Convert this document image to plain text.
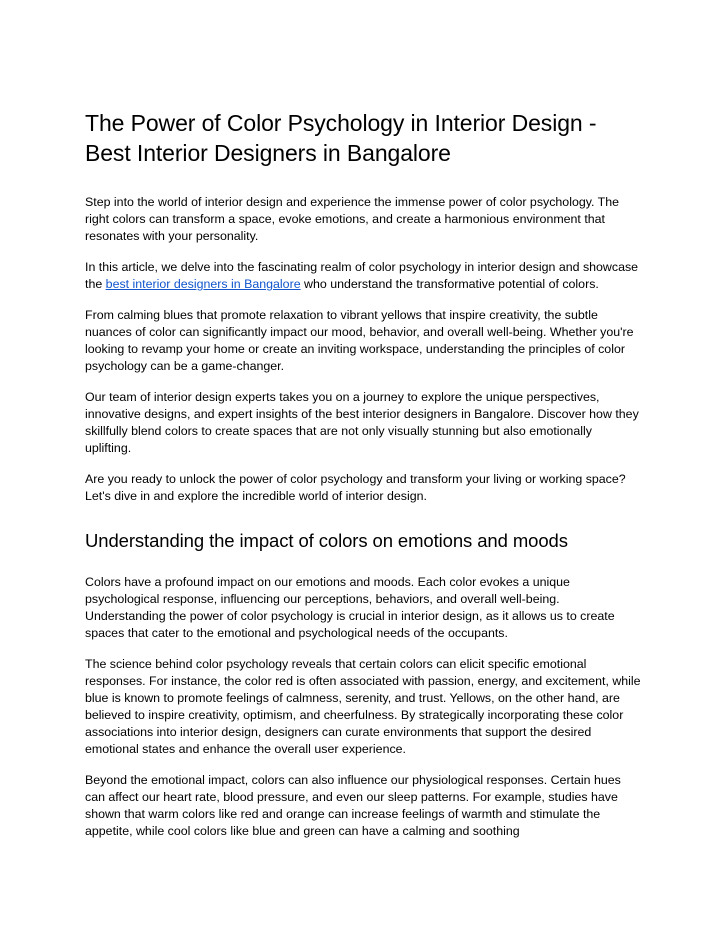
The Power of Color Psychology in Interior Design - Best Interior Designers in Bangalore

Step into the world of interior design and experience the immense power of color psychology. The right colors can transform a space, evoke emotions, and create a harmonious environment that resonates with your personality.

In this article, we delve into the fascinating realm of color psychology in interior design and showcase the best interior designers in Bangalore who understand the transformative potential of colors.

From calming blues that promote relaxation to vibrant yellows that inspire creativity, the subtle nuances of color can significantly impact our mood, behavior, and overall well-being. Whether you're looking to revamp your home or create an inviting workspace, understanding the principles of color psychology can be a game-changer.

Our team of interior design experts takes you on a journey to explore the unique perspectives, innovative designs, and expert insights of the best interior designers in Bangalore. Discover how they skillfully blend colors to create spaces that are not only visually stunning but also emotionally uplifting.

Are you ready to unlock the power of color psychology and transform your living or working space? Let's dive in and explore the incredible world of interior design.

Understanding the impact of colors on emotions and moods

Colors have a profound impact on our emotions and moods. Each color evokes a unique psychological response, influencing our perceptions, behaviors, and overall well-being. Understanding the power of color psychology is crucial in interior design, as it allows us to create spaces that cater to the emotional and psychological needs of the occupants.

The science behind color psychology reveals that certain colors can elicit specific emotional responses. For instance, the color red is often associated with passion, energy, and excitement, while blue is known to promote feelings of calmness, serenity, and trust. Yellows, on the other hand, are believed to inspire creativity, optimism, and cheerfulness. By strategically incorporating these color associations into interior design, designers can curate environments that support the desired emotional states and enhance the overall user experience.

Beyond the emotional impact, colors can also influence our physiological responses. Certain hues can affect our heart rate, blood pressure, and even our sleep patterns. For example, studies have shown that warm colors like red and orange can increase feelings of warmth and stimulate the appetite, while cool colors like blue and green can have a calming and soothing
